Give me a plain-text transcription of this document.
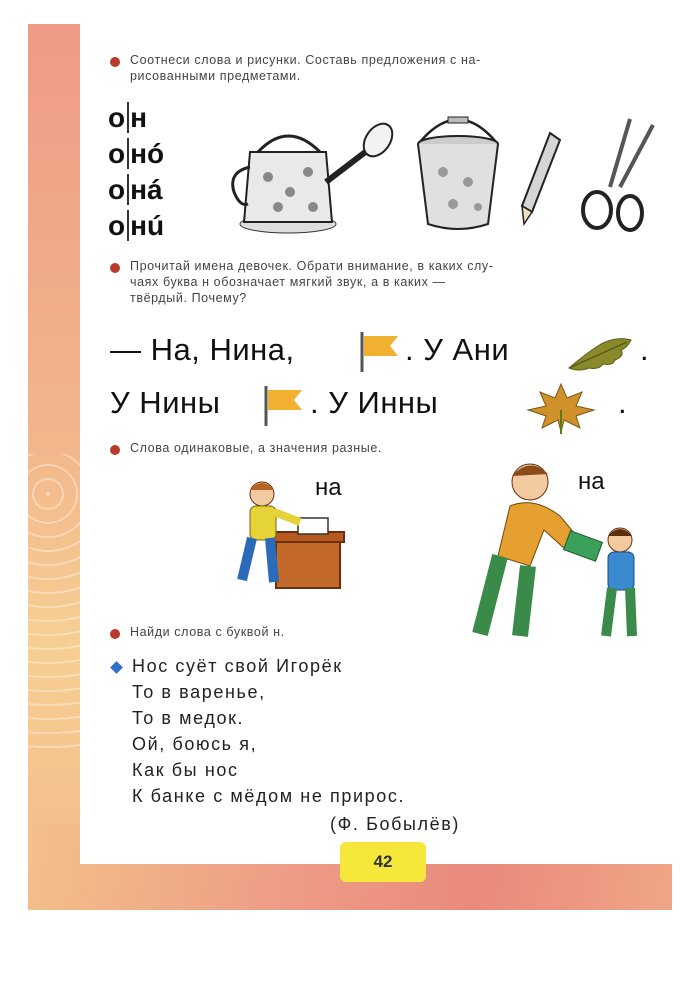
Соотнеси слова и рисунки. Составь предложения с на-
рисованными предметами.
о н
о нó
о нá
о нú
Прочитай имена девочек. Обрати внимание, в каких слу-
чаях буква н обозначает мягкий звук, а в каких —
твёрдый. Почему?
— На, Нина,	. У Ани	.
У Нины	. У Инны	.
Слова одинаковые, а значения разные.
на	на
Найди слова с буквой н.
Нос суёт свой Игорёк
То в варенье,
То в медок.
Ой, боюсь я,
Как бы нос
К банке с мёдом не прирос.
(Ф. Бобылёв)
42
